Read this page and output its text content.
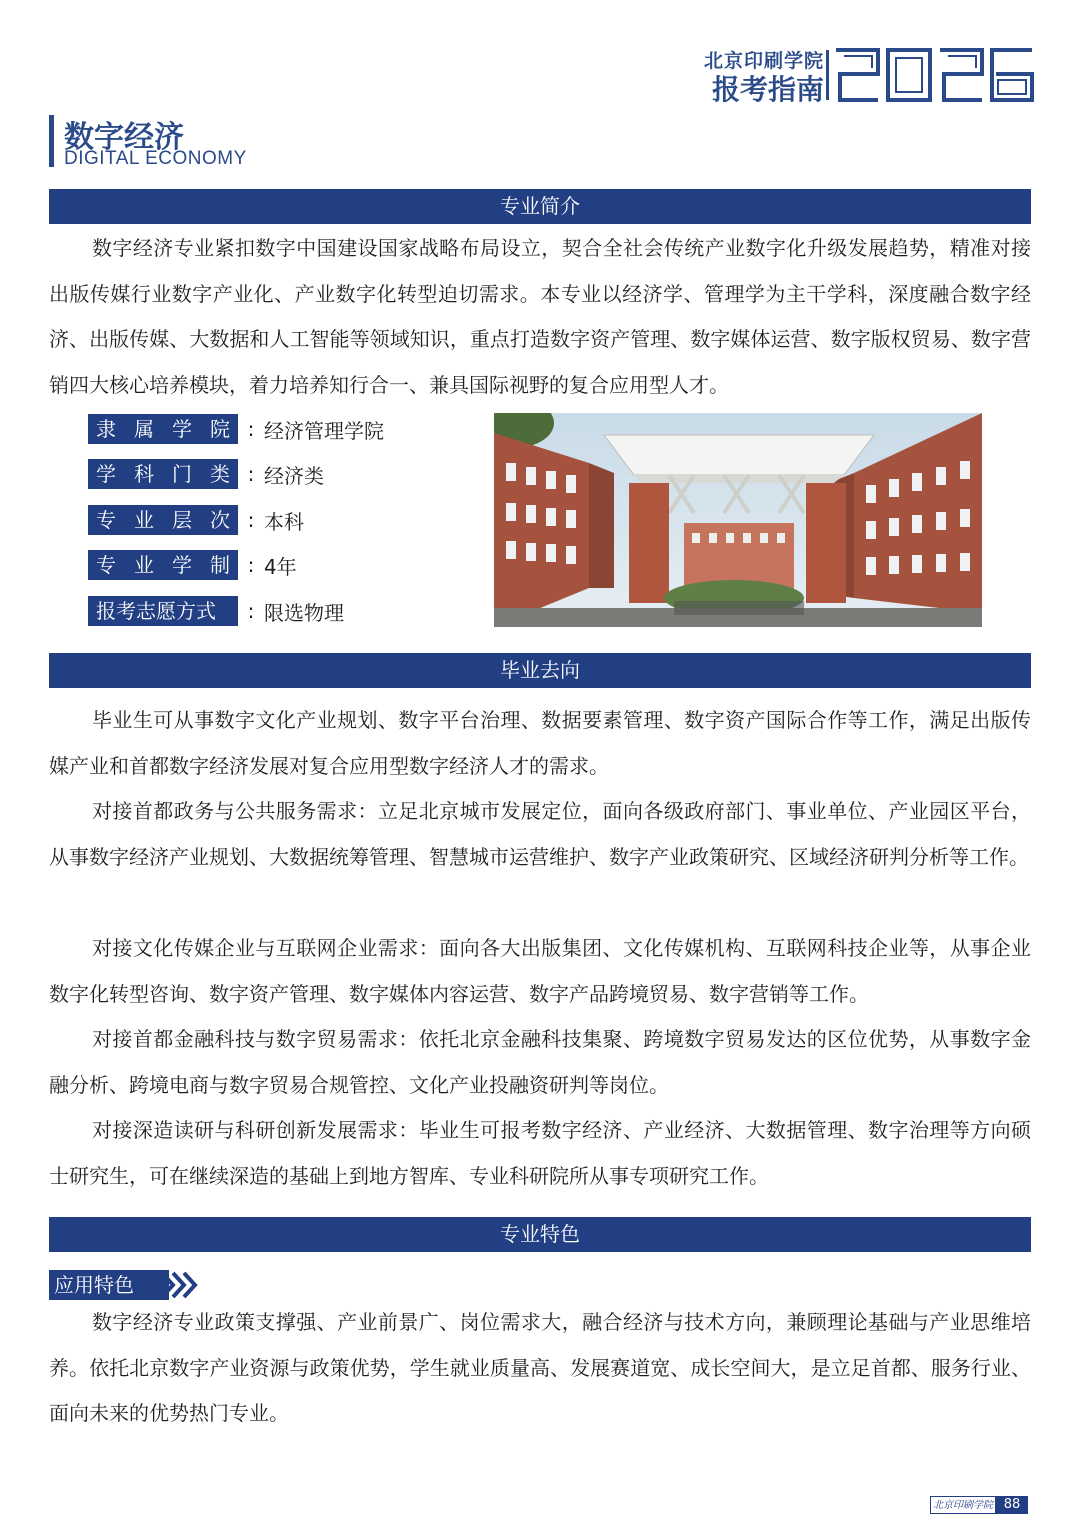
北京印刷学院
报考指南	2026
数字经济
DIGITAL ECONOMY
专业简介
数字经济专业紧扣数字中国建设国家战略布局设立，契合全社会传统产业数字化升级发展趋势，精准对接出版传媒行业数字产业化、产业数字化转型迫切需求。本专业以经济学、管理学为主干学科，深度融合数字经济、出版传媒、大数据和人工智能等领域知识，重点打造数字资产管理、数字媒体运营、数字版权贸易、数字营销四大核心培养模块，着力培养知行合一、兼具国际视野的复合应用型人才。
隶属学院 : 经济管理学院
学科门类 : 经济类
专业层次 : 本科
专业学制 : 4年
报考志愿方式	: 限选物理
毕业去向
毕业生可从事数字文化产业规划、数字平台治理、数据要素管理、数字资产国际合作等工作，满足出版传媒产业和首都数字经济发展对复合应用型数字经济人才的需求。
对接首都政务与公共服务需求：立足北京城市发展定位，面向各级政府部门、事业单位、产业园区平台，从事数字经济产业规划、大数据统筹管理、智慧城市运营维护、数字产业政策研究、区域经济研判分析等工作。
对接文化传媒企业与互联网企业需求：面向各大出版集团、文化传媒机构、互联网科技企业等，从事企业数字化转型咨询、数字资产管理、数字媒体内容运营、数字产品跨境贸易、数字营销等工作。
对接首都金融科技与数字贸易需求：依托北京金融科技集聚、跨境数字贸易发达的区位优势，从事数字金融分析、跨境电商与数字贸易合规管控、文化产业投融资研判等岗位。
对接深造读研与科研创新发展需求：毕业生可报考数字经济、产业经济、大数据管理、数字治理等方向硕士研究生，可在继续深造的基础上到地方智库、专业科研院所从事专项研究工作。
专业特色
应用特色
数字经济专业政策支撑强、产业前景广、岗位需求大，融合经济与技术方向，兼顾理论基础与产业思维培养。依托北京数字产业资源与政策优势，学生就业质量高、发展赛道宽、成长空间大，是立足首都、服务行业、面向未来的优势热门专业。
北京印刷学院 88
